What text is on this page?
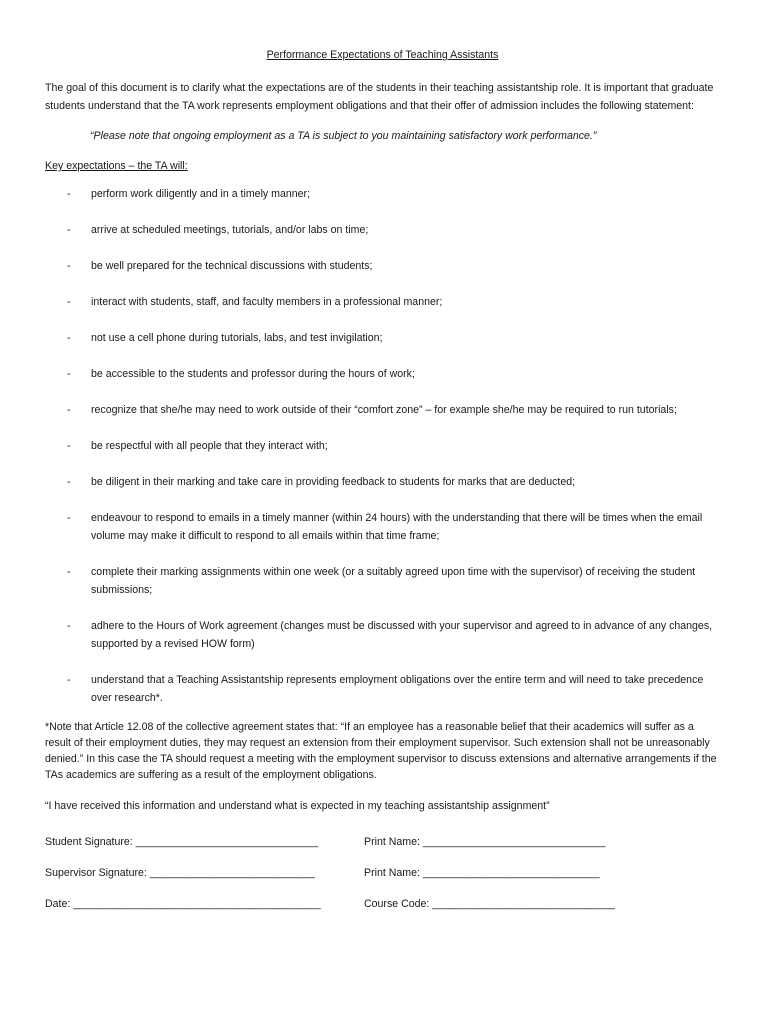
Performance Expectations of Teaching Assistants

The goal of this document is to clarify what the expectations are of the students in their teaching assistantship role. It is important that graduate students understand that the TA work represents employment obligations and that their offer of admission includes the following statement:

“Please note that ongoing employment as a TA is subject to you maintaining satisfactory work performance.”

Key expectations – the TA will:
-	perform work diligently and in a timely manner;
-	arrive at scheduled meetings, tutorials, and/or labs on time;
-	be well prepared for the technical discussions with students;
-	interact with students, staff, and faculty members in a professional manner;
-	not use a cell phone during tutorials, labs, and test invigilation;
-	be accessible to the students and professor during the hours of work;
-	recognize that she/he may need to work outside of their “comfort zone” – for example she/he may be required to run tutorials;
-	be respectful with all people that they interact with;
-	be diligent in their marking and take care in providing feedback to students for marks that are deducted;
-	endeavour to respond to emails in a timely manner (within 24 hours) with the understanding that there will be times when the email volume may make it difficult to respond to all emails within that time frame;
-	complete their marking assignments within one week (or a suitably agreed upon time with the supervisor) of receiving the student submissions;
-	adhere to the Hours of Work agreement (changes must be discussed with your supervisor and agreed to in advance of any changes, supported by a revised HOW form)
-	understand that a Teaching Assistantship represents employment obligations over the entire term and will need to take precedence over research*.

*Note that Article 12.08 of the collective agreement states that: “If an employee has a reasonable belief that their academics will suffer as a result of their employment duties, they may request an extension from their employment supervisor. Such extension shall not be unreasonably denied.” In this case the TA should request a meeting with the employment supervisor to discuss extensions and alternative arrangements if the TAs academics are suffering as a result of the employment obligations.

“I have received this information and understand what is expected in my teaching assistantship assignment”

Student Signature: _______________________________	Print Name: _______________________________
Supervisor Signature: ____________________________	Print Name: ______________________________
Date: __________________________________________	Course Code: _______________________________
